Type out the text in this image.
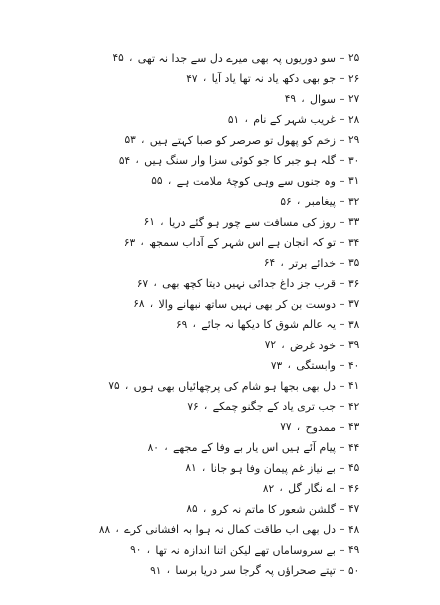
۲۵
–
سو دوریوں پہ بھی میرے دل سے جدا نہ تھی
،
۴۵
۲۶
–
جو بھی دکھ یاد نہ تھا یاد آیا
،
۴۷
۲۷
–
سوال
،
۴۹
۲۸
–
غریب شہر کے نام
،
۵۱
۲۹
–
زخم کو پھول تو صرصر کو صبا کہتے ہیں
،
۵۳
۳۰
–
گلہ ہو جبر کا جو کوئی سزا وار سنگ ہیں
،
۵۴
۳۱
–
وہ جنوں سے وہی کوچۂ ملامت ہے
،
۵۵
۳۲
–
پیغامبر
،
۵۶
۳۳
–
روز کی مسافت سے چور ہو گئے دریا
،
۶۱
۳۴
–
تو کہ انجان ہے اس شہر کے آداب سمجھ
،
۶۳
۳۵
–
خدائے برتر
،
۶۴
۳۶
–
قرب جز داغ جدائی نہیں دیتا کچھ بھی
،
۶۷
۳۷
–
دوست بن کر بھی نہیں ساتھ نبھانے والا
،
۶۸
۳۸
–
یہ عالم شوق کا دیکھا نہ جائے
،
۶۹
۳۹
–
خود غرض
،
۷۲
۴۰
–
وابستگی
،
۷۳
۴۱
–
دل بھی بجھا ہو شام کی پرچھائیاں بھی ہوں
،
۷۵
۴۲
–
جب تری یاد کے جگنو چمکے
،
۷۶
۴۳
–
ممدوح
،
۷۷
۴۴
–
پیام آئے ہیں اس یار بے وفا کے مجھے
،
۸۰
۴۵
–
بے نیاز غم پیمان وفا ہو جانا
،
۸۱
۴۶
–
اے نگار گل
،
۸۲
۴۷
–
گلشن شعور کا ماتم نہ کرو
،
۸۵
۴۸
–
دل بھی اب طاقت کمال نہ ہوا بہ افشانی کرے
،
۸۸
۴۹
–
بے سروساماں تھے لیکن اتنا اندازہ نہ تھا
،
۹۰
۵۰
–
تپتے صحراؤں پہ گرجا سر دریا برسا
،
۹۱
